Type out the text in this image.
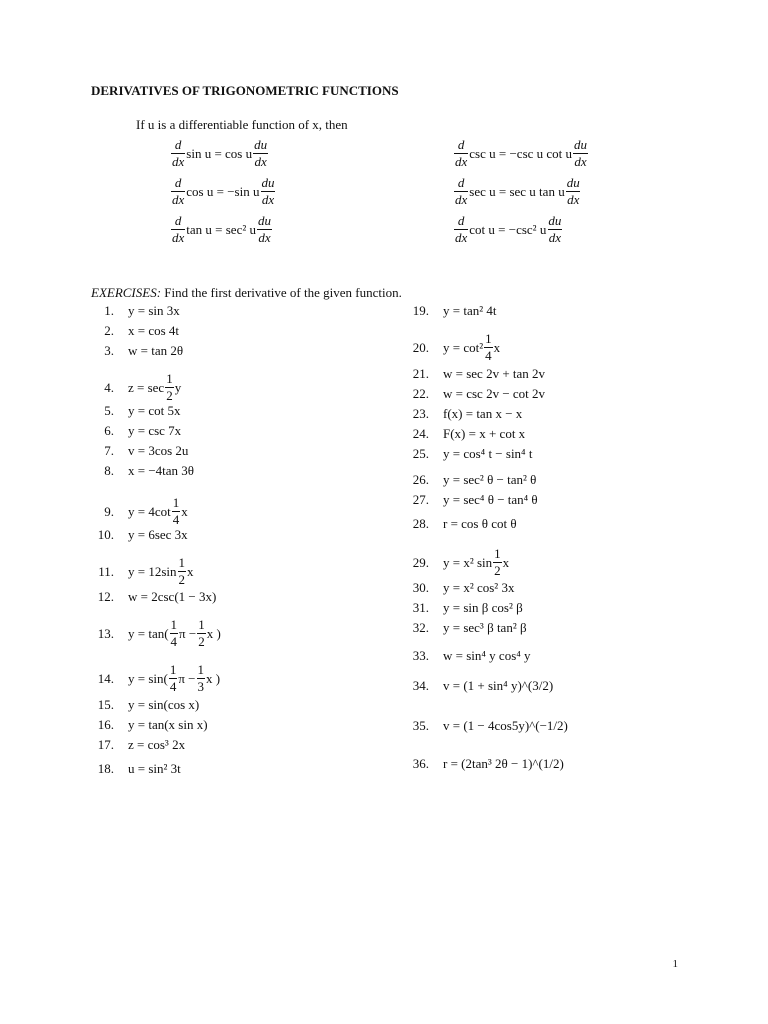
DERIVATIVES OF TRIGONOMETRIC FUNCTIONS
If u is a differentiable function of x, then
$\frac{d}{dx}$ sin u = cos u $\frac{du}{dx}$
$\frac{d}{dx}$ cos u = −sin u $\frac{du}{dx}$
$\frac{d}{dx}$ tan u = sec² u $\frac{du}{dx}$
$\frac{d}{dx}$ csc u = −csc u cot u $\frac{du}{dx}$
$\frac{d}{dx}$ sec u = sec u tan u $\frac{du}{dx}$
$\frac{d}{dx}$ cot u = −csc² u $\frac{du}{dx}$
EXERCISES: Find the first derivative of the given function.
1. y = sin 3x
2. x = cos 4t
3. w = tan 2θ
4. $z = \sec \frac{1}{2}$ y
5. y = cot 5x
6. y = csc 7x
7. v = 3cos 2u
8. x = −4tan 3θ
9. $y = 4\cot \frac{1}{4}$ x
10. y = 6sec 3x
11. $y = 12\sin \frac{1}{2}$ x
12. w = 2csc(1 − 3x)
13. $y = \tan( \frac{1}{4}$ $\pi - \frac{1}{2}$ x )
14. $y = \sin( \frac{1}{4}$ $\pi - \frac{1}{3}$ x )
15. y = sin(cos x)
16. y = tan(x sin x)
17. z = cos³ 2x
18. u = sin² 3t
19. y = tan² 4t
20. $y = \cot^2 \frac{1}{4}$ x
21. w = sec 2v + tan 2v
22. w = csc 2v − cot 2v
23. f(x) = tan x − x
24. F(x) = x + cot x
25. y = cos⁴ t − sin⁴ t
26. y = sec² θ − tan² θ
27. y = sec⁴ θ − tan⁴ θ
28. r = cos θ cot θ
29. y = x² $\sin \frac{1}{2}$ x
30. y = x² cos² 3x
31. y = sin β cos² β
32. y = sec³ β tan² β
33. w = sin⁴ y cos⁴ y
34. v = (1 + sin⁴ y)^(3/2)
35. v = (1 − 4cos5y)^(−1/2)
36. r = (2tan³ 2θ − 1)^(1/2)
1
